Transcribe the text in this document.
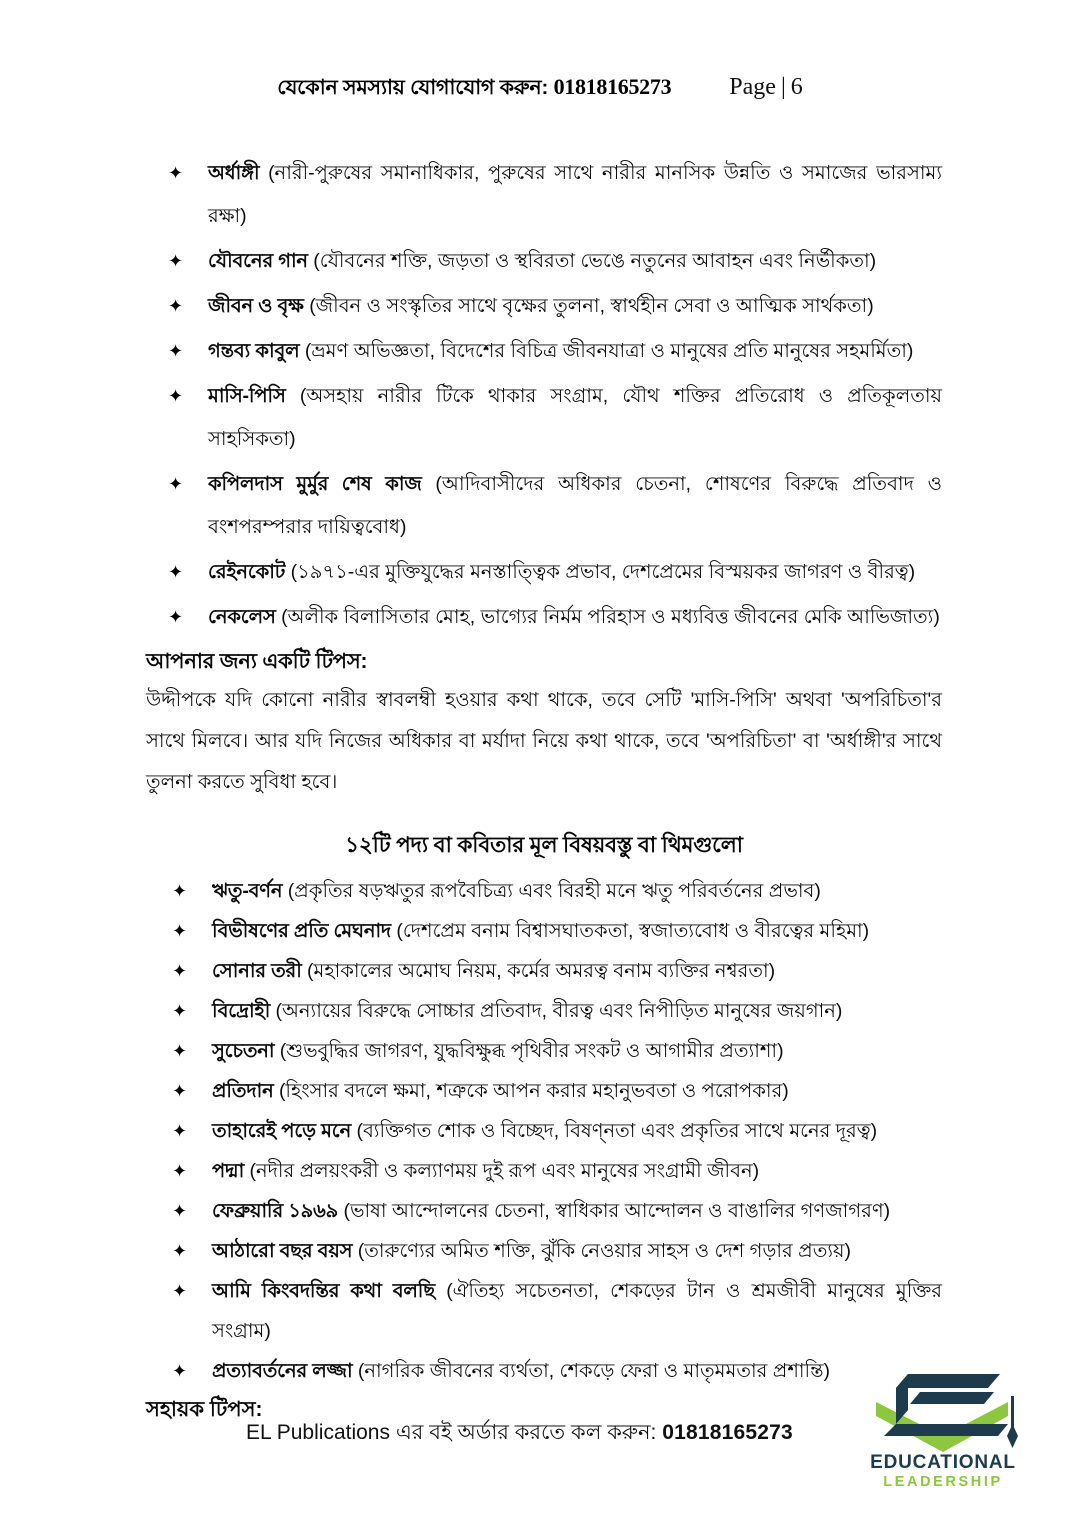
যেকোন সমস্যায় যোগাযোগ করুন: 01818165273 Page | 6
✦ অর্ধাঙ্গী (নারী-পুরুষের সমানাধিকার, পুরুষের সাথে নারীর মানসিক উন্নতি ও সমাজের ভারসাম্য রক্ষা)
✦ যৌবনের গান (যৌবনের শক্তি, জড়তা ও স্থবিরতা ভেঙে নতুনের আবাহন এবং নির্ভীকতা)
✦ জীবন ও বৃক্ষ (জীবন ও সংস্কৃতির সাথে বৃক্ষের তুলনা, স্বার্থহীন সেবা ও আত্মিক সার্থকতা)
✦ গন্তব্য কাবুল (ভ্রমণ অভিজ্ঞতা, বিদেশের বিচিত্র জীবনযাত্রা ও মানুষের প্রতি মানুষের সহমর্মিতা)
✦ মাসি-পিসি (অসহায় নারীর টিকে থাকার সংগ্রাম, যৌথ শক্তির প্রতিরোধ ও প্রতিকূলতায় সাহসিকতা)
✦ কপিলদাস মুর্মুর শেষ কাজ (আদিবাসীদের অধিকার চেতনা, শোষণের বিরুদ্ধে প্রতিবাদ ও বংশপরম্পরার দায়িত্ববোধ)
✦ রেইনকোট (১৯৭১-এর মুক্তিযুদ্ধের মনস্তাত্ত্বিক প্রভাব, দেশপ্রেমের বিস্ময়কর জাগরণ ও বীরত্ব)
✦ নেকলেস (অলীক বিলাসিতার মোহ, ভাগ্যের নির্মম পরিহাস ও মধ্যবিত্ত জীবনের মেকি আভিজাত্য)
আপনার জন্য একটি টিপস:

উদ্দীপকে যদি কোনো নারীর স্বাবলম্বী হওয়ার কথা থাকে, তবে সেটি 'মাসি-পিসি' অথবা 'অপরিচিতা'র সাথে মিলবে। আর যদি নিজের অধিকার বা মর্যাদা নিয়ে কথা থাকে, তবে 'অপরিচিতা' বা 'অর্ধাঙ্গী'র সাথে তুলনা করতে সুবিধা হবে।

১২টি পদ্য বা কবিতার মূল বিষয়বস্তু বা থিমগুলো
✦ ঋতু-বর্ণন (প্রকৃতির ষড়ঋতুর রূপবৈচিত্র্য এবং বিরহী মনে ঋতু পরিবর্তনের প্রভাব)
✦ বিভীষণের প্রতি মেঘনাদ (দেশপ্রেম বনাম বিশ্বাসঘাতকতা, স্বজাত্যবোধ ও বীরত্বের মহিমা)
✦ সোনার তরী (মহাকালের অমোঘ নিয়ম, কর্মের অমরত্ব বনাম ব্যক্তির নশ্বরতা)
✦ বিদ্রোহী (অন্যায়ের বিরুদ্ধে সোচ্চার প্রতিবাদ, বীরত্ব এবং নিপীড়িত মানুষের জয়গান)
✦ সুচেতনা (শুভবুদ্ধির জাগরণ, যুদ্ধবিক্ষুব্ধ পৃথিবীর সংকট ও আগামীর প্রত্যাশা)
✦ প্রতিদান (হিংসার বদলে ক্ষমা, শত্রুকে আপন করার মহানুভবতা ও পরোপকার)
✦ তাহারেই পড়ে মনে (ব্যক্তিগত শোক ও বিচ্ছেদ, বিষণ্নতা এবং প্রকৃতির সাথে মনের দূরত্ব)
✦ পদ্মা (নদীর প্রলয়ংকরী ও কল্যাণময় দুই রূপ এবং মানুষের সংগ্রামী জীবন)
✦ ফেব্রুয়ারি ১৯৬৯ (ভাষা আন্দোলনের চেতনা, স্বাধিকার আন্দোলন ও বাঙালির গণজাগরণ)
✦ আঠারো বছর বয়স (তারুণ্যের অমিত শক্তি, ঝুঁকি নেওয়ার সাহস ও দেশ গড়ার প্রত্যয়)
✦ আমি কিংবদন্তির কথা বলছি (ঐতিহ্য সচেতনতা, শেকড়ের টান ও শ্রমজীবী মানুষের মুক্তির সংগ্রাম)
✦ প্রত্যাবর্তনের লজ্জা (নাগরিক জীবনের ব্যর্থতা, শেকড়ে ফেরা ও মাতৃমমতার প্রশান্তি)
সহায়ক টিপস:
EL Publications এর বই অর্ডার করতে কল করুন: 01818165273
EDUCATIONAL
LEADERSHIP
